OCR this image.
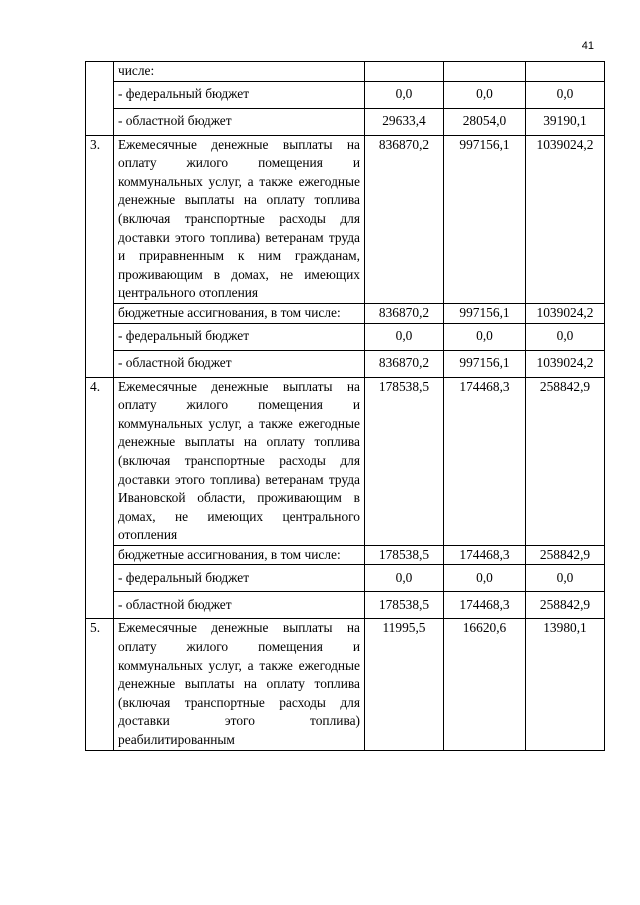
41
	числе:			
	- федеральный бюджет	0,0	0,0	0,0
	- областной бюджет	29633,4	28054,0	39190,1
3.	Ежемесячные денежные выплаты на оплату жилого помещения и коммунальных услуг, а также ежегодные денежные выплаты на оплату топлива (включая транспортные расходы для доставки этого топлива) ветеранам труда и приравненным к ним гражданам, проживающим в домах, не имеющих центрального отопления	836870,2	997156,1	1039024,2
	бюджетные ассигнования, в том числе:	836870,2	997156,1	1039024,2
	- федеральный бюджет	0,0	0,0	0,0
	- областной бюджет	836870,2	997156,1	1039024,2
4.	Ежемесячные денежные выплаты на оплату жилого помещения и коммунальных услуг, а также ежегодные денежные выплаты на оплату топлива (включая транспортные расходы для доставки этого топлива) ветеранам труда Ивановской области, проживающим в домах, не имеющих центрального отопления	178538,5	174468,3	258842,9
	бюджетные ассигнования, в том числе:	178538,5	174468,3	258842,9
	- федеральный бюджет	0,0	0,0	0,0
	- областной бюджет	178538,5	174468,3	258842,9
5.	Ежемесячные денежные выплаты на оплату жилого помещения и коммунальных услуг, а также ежегодные денежные выплаты на оплату топлива (включая транспортные расходы для доставки этого топлива) реабилитированным	11995,5	16620,6	13980,1
